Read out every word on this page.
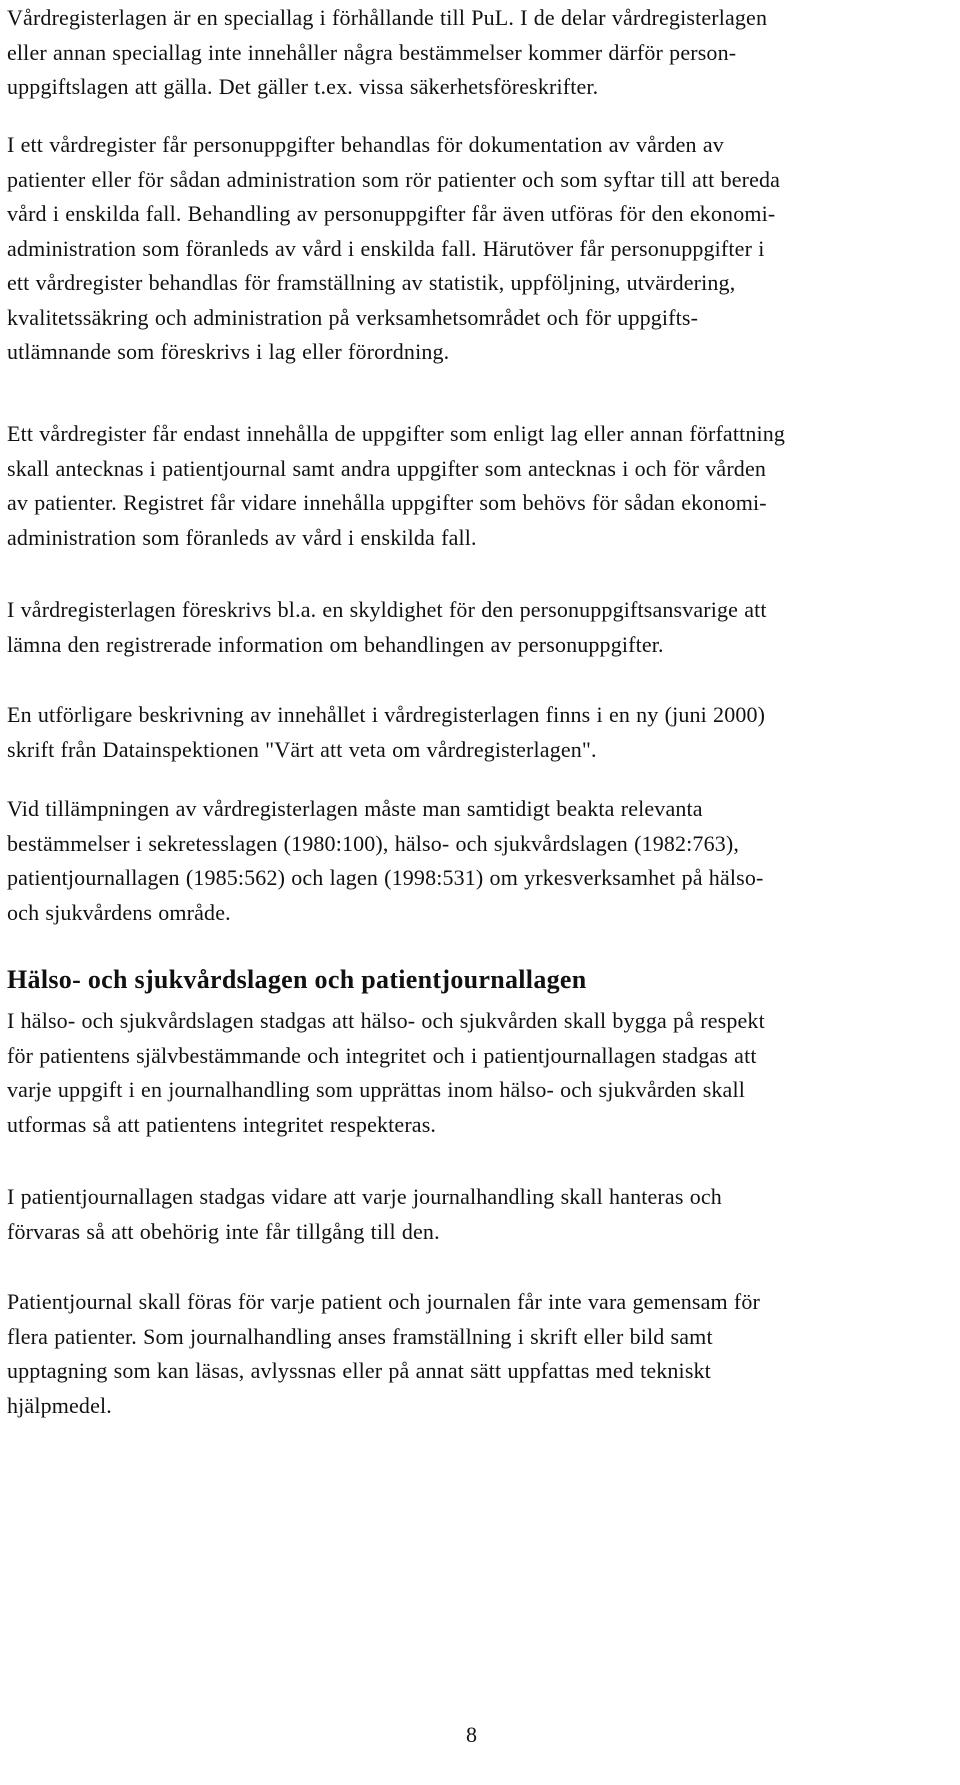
Vårdregisterlagen är en speciallag i förhållande till PuL. I de delar vårdregisterlagen
eller annan speciallag inte innehåller några bestämmelser kommer därför person-
uppgiftslagen att gälla. Det gäller t.ex. vissa säkerhetsföreskrifter.

I ett vårdregister får personuppgifter behandlas för dokumentation av vården av
patienter eller för sådan administration som rör patienter och som syftar till att bereda
vård i enskilda fall. Behandling av personuppgifter får även utföras för den ekonomi-
administration som föranleds av vård i enskilda fall. Härutöver får personuppgifter i
ett vårdregister behandlas för framställning av statistik, uppföljning, utvärdering,
kvalitetssäkring och administration på verksamhetsområdet och för uppgifts-
utlämnande som föreskrivs i lag eller förordning.

Ett vårdregister får endast innehålla de uppgifter som enligt lag eller annan författning
skall antecknas i patientjournal samt andra uppgifter som antecknas i och för vården
av patienter. Registret får vidare innehålla uppgifter som behövs för sådan ekonomi-
administration som föranleds av vård i enskilda fall.

I vårdregisterlagen föreskrivs bl.a. en skyldighet för den personuppgiftsansvarige att
lämna den registrerade information om behandlingen av personuppgifter.

En utförligare beskrivning av innehållet i vårdregisterlagen finns i en ny (juni 2000)
skrift från Datainspektionen "Värt att veta om vårdregisterlagen".

Vid tillämpningen av vårdregisterlagen måste man samtidigt beakta relevanta
bestämmelser i sekretesslagen (1980:100), hälso- och sjukvårdslagen (1982:763),
patientjournallagen (1985:562) och lagen (1998:531) om yrkesverksamhet på hälso-
och sjukvårdens område.

Hälso- och sjukvårdslagen och patientjournallagen

I hälso- och sjukvårdslagen stadgas att hälso- och sjukvården skall bygga på respekt
för patientens självbestämmande och integritet och i patientjournallagen stadgas att
varje uppgift i en journalhandling som upprättas inom hälso- och sjukvården skall
utformas så att patientens integritet respekteras.

I patientjournallagen stadgas vidare att varje journalhandling skall hanteras och
förvaras så att obehörig inte får tillgång till den.

Patientjournal skall föras för varje patient och journalen får inte vara gemensam för
flera patienter. Som journalhandling anses framställning i skrift eller bild samt
upptagning som kan läsas, avlyssnas eller på annat sätt uppfattas med tekniskt
hjälpmedel.

8
